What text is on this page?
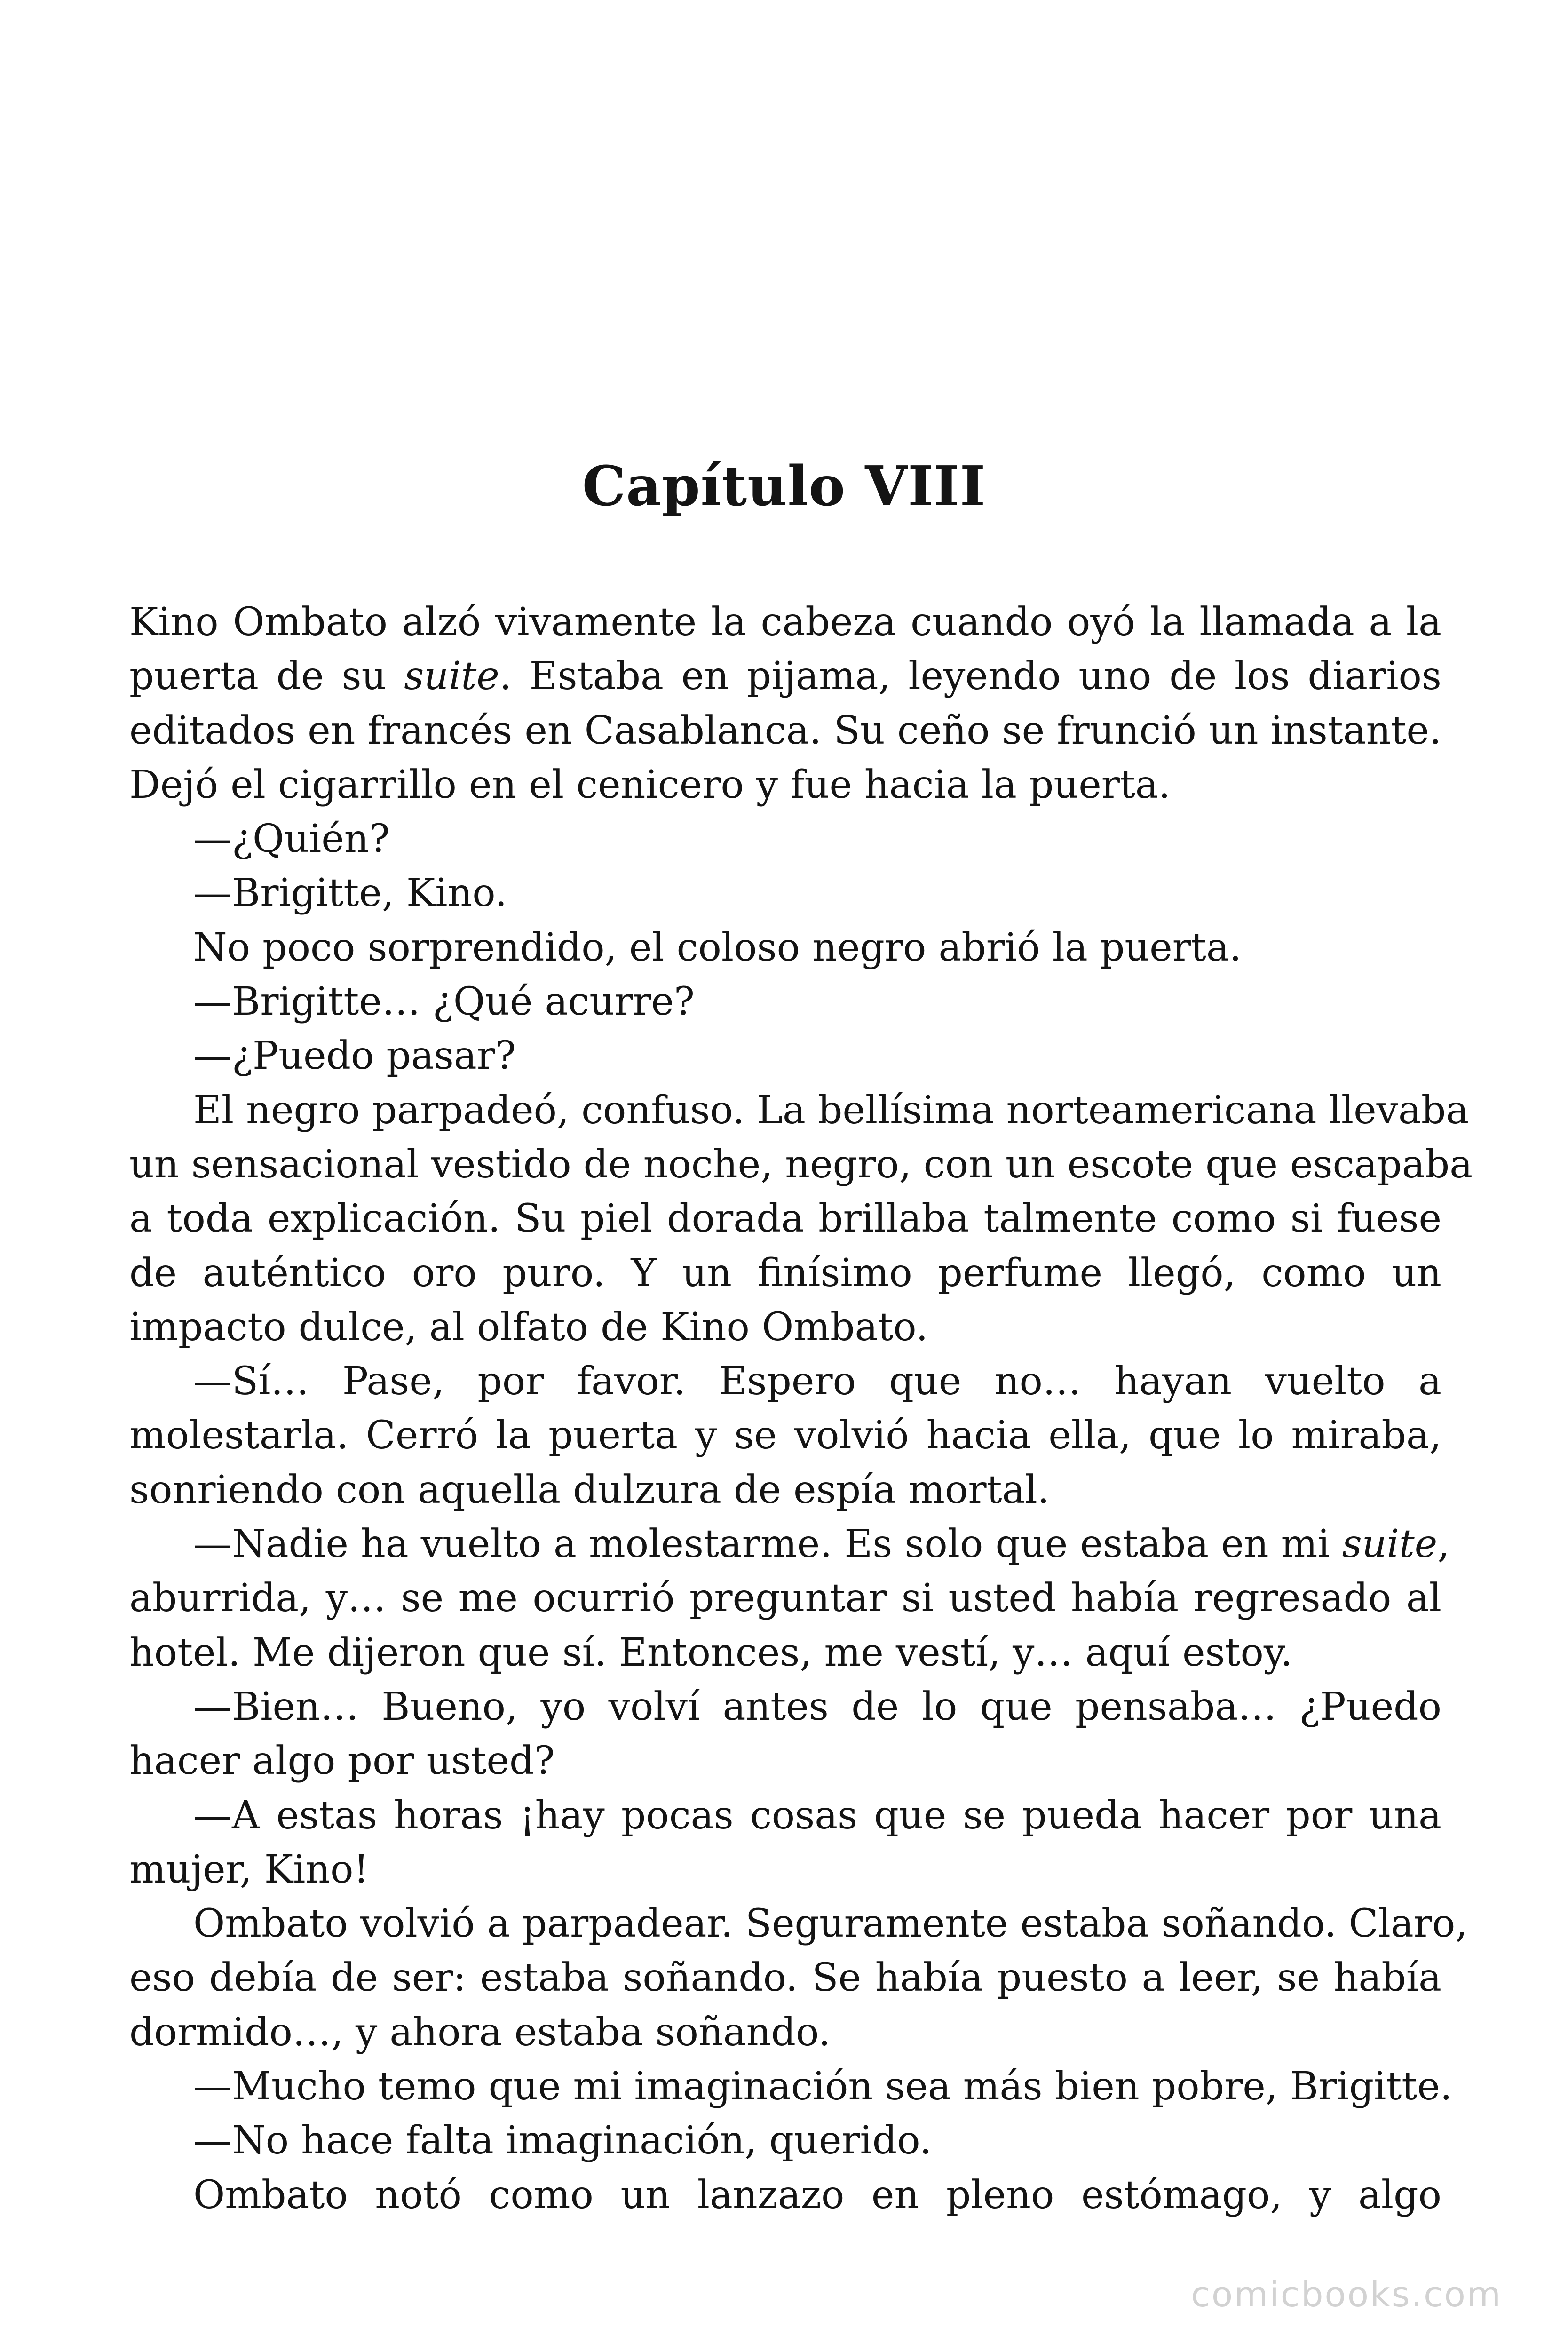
Capítulo VIII
Kino Ombato alzó vivamente la cabeza cuando oyó la llamada a la
puerta de su suite. Estaba en pijama, leyendo uno de los diarios
editados en francés en Casablanca. Su ceño se frunció un instante.
Dejó el cigarrillo en el cenicero y fue hacia la puerta.
—¿Quién?
—Brigitte, Kino.
No poco sorprendido, el coloso negro abrió la puerta.
—Brigitte… ¿Qué acurre?
—¿Puedo pasar?
El negro parpadeó, confuso. La bellísima norteamericana llevaba
un sensacional vestido de noche, negro, con un escote que escapaba
a toda explicación. Su piel dorada brillaba talmente como si fuese
de auténtico oro puro. Y un finísimo perfume llegó, como un
impacto dulce, al olfato de Kino Ombato.
—Sí… Pase, por favor. Espero que no… hayan vuelto a
molestarla. Cerró la puerta y se volvió hacia ella, que lo miraba,
sonriendo con aquella dulzura de espía mortal.
—Nadie ha vuelto a molestarme. Es solo que estaba en mi suite,
aburrida, y… se me ocurrió preguntar si usted había regresado al
hotel. Me dijeron que sí. Entonces, me vestí, y… aquí estoy.
—Bien… Bueno, yo volví antes de lo que pensaba… ¿Puedo
hacer algo por usted?
—A estas horas ¡hay pocas cosas que se pueda hacer por una
mujer, Kino!
Ombato volvió a parpadear. Seguramente estaba soñando. Claro,
eso debía de ser: estaba soñando. Se había puesto a leer, se había
dormido…, y ahora estaba soñando.
—Mucho temo que mi imaginación sea más bien pobre, Brigitte.
—No hace falta imaginación, querido.
Ombato notó como un lanzazo en pleno estómago, y algo
comicbooks.com
